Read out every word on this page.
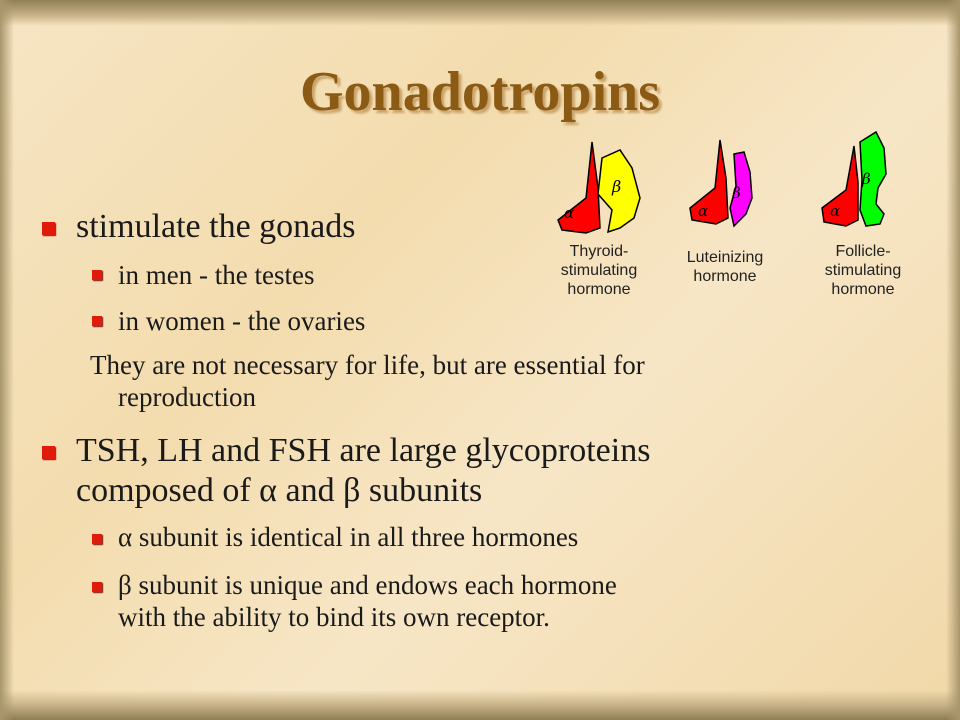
Gonadotropins
stimulate the gonads
in men - the testes
in women - the ovaries
They are not necessary for life, but are essential for
reproduction
TSH, LH and FSH are large glycoproteins
composed of α and β subunits
α subunit is identical in all three hormones
β subunit is unique and endows each hormone
with the ability to bind its own receptor.
α
β
α
β
α
β
Thyroid-
stimulating
hormone
Luteinizing
hormone
Follicle-
stimulating
hormone
